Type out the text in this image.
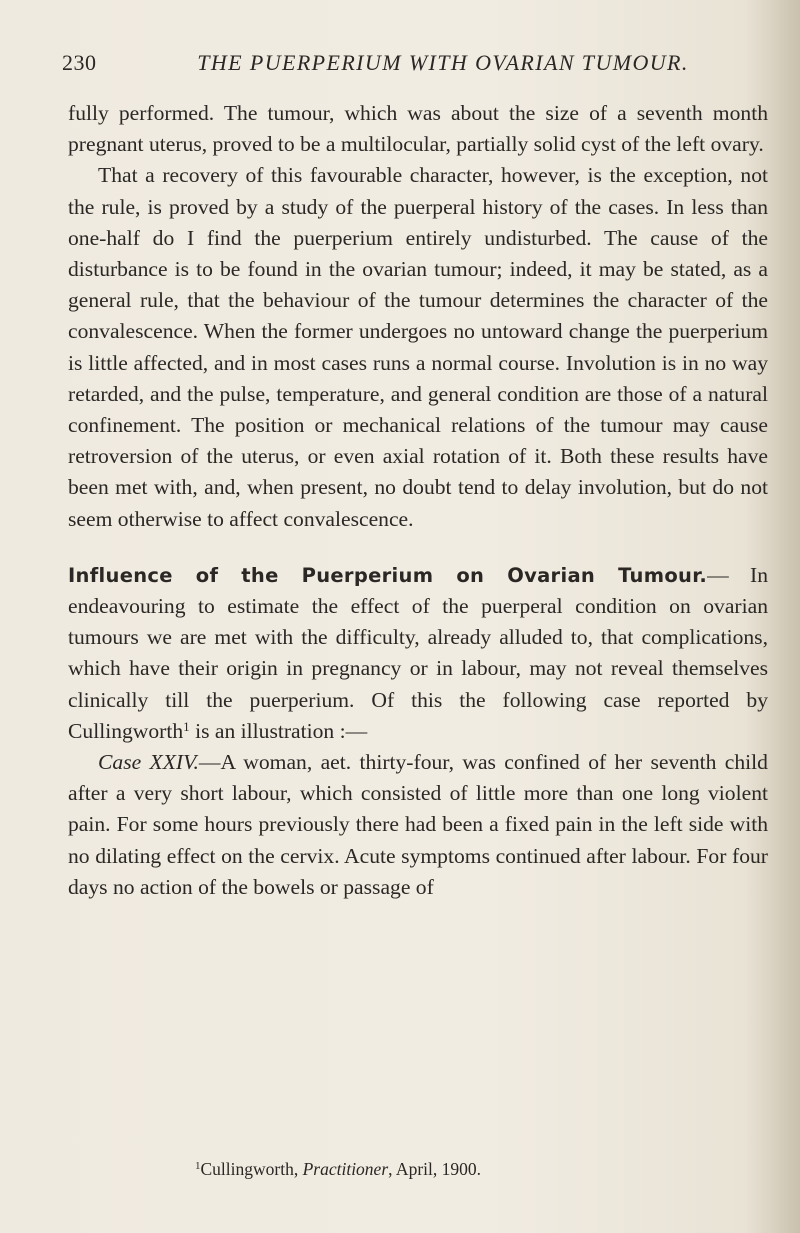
230	THE PUERPERIUM WITH OVARIAN TUMOUR.

fully performed. The tumour, which was about the size of a seventh month pregnant uterus, proved to be a multilocular, partially solid cyst of the left ovary.

That a recovery of this favourable character, however, is the exception, not the rule, is proved by a study of the puerperal history of the cases. In less than one-half do I find the puerperium entirely undisturbed. The cause of the disturbance is to be found in the ovarian tumour; indeed, it may be stated, as a general rule, that the behaviour of the tumour determines the character of the convalescence. When the former undergoes no untoward change the puerperium is little affected, and in most cases runs a normal course. Involution is in no way retarded, and the pulse, temperature, and general condition are those of a natural confinement. The position or mechanical relations of the tumour may cause retroversion of the uterus, or even axial rotation of it. Both these results have been met with, and, when present, no doubt tend to delay involution, but do not seem otherwise to affect convalescence.

Influence of the Puerperium on Ovarian Tumour.— In endeavouring to estimate the effect of the puerperal condition on ovarian tumours we are met with the difficulty, already alluded to, that complications, which have their origin in pregnancy or in labour, may not reveal themselves clinically till the puerperium. Of this the following case reported by Cullingworth$^1$ is an illustration :—

Case XXIV.—A woman, aet. thirty-four, was confined of her seventh child after a very short labour, which consisted of little more than one long violent pain. For some hours previously there had been a fixed pain in the left side with no dilating effect on the cervix. Acute symptoms continued after labour. For four days no action of the bowels or passage of

$^1$Cullingworth, Practitioner, April, 1900.
